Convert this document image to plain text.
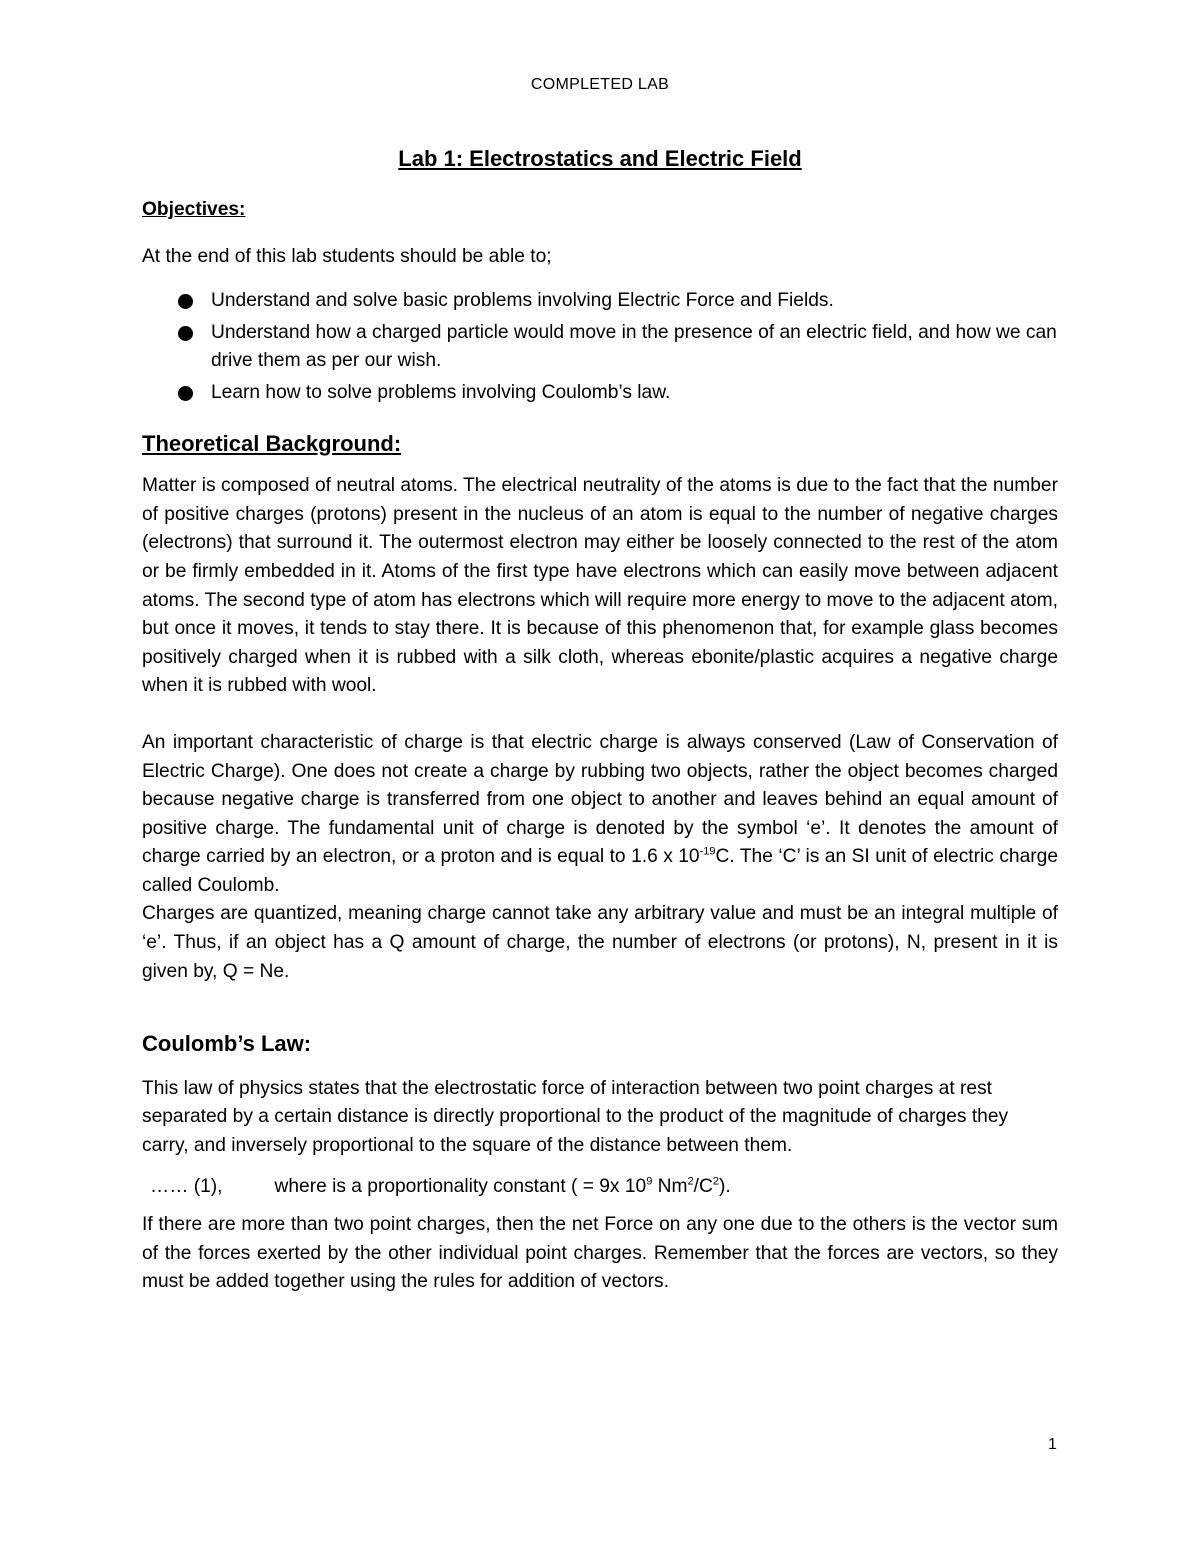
COMPLETED LAB
Lab 1: Electrostatics and Electric Field

Objectives:

At the end of this lab students should be able to;

Understand and solve basic problems involving Electric Force and Fields.
Understand how a charged particle would move in the presence of an electric field, and how we can drive them as per our wish.
Learn how to solve problems involving Coulomb’s law.
Theoretical Background:

Matter is composed of neutral atoms. The electrical neutrality of the atoms is due to the fact that the number of positive charges (protons) present in the nucleus of an atom is equal to the number of negative charges (electrons) that surround it. The outermost electron may either be loosely connected to the rest of the atom or be firmly embedded in it. Atoms of the first type have electrons which can easily move between adjacent atoms. The second type of atom has electrons which will require more energy to move to the adjacent atom, but once it moves, it tends to stay there. It is because of this phenomenon that, for example glass becomes positively charged when it is rubbed with a silk cloth, whereas ebonite/plastic acquires a negative charge when it is rubbed with wool.

An important characteristic of charge is that electric charge is always conserved (Law of Conservation of Electric Charge). One does not create a charge by rubbing two objects, rather the object becomes charged because negative charge is transferred from one object to another and leaves behind an equal amount of positive charge. The fundamental unit of charge is denoted by the symbol ‘e’. It denotes the amount of charge carried by an electron, or a proton and is equal to 1.6 x $10^{-19}C$. The ‘C’ is an SI unit of electric charge called Coulomb.

Charges are quantized, meaning charge cannot take any arbitrary value and must be an integral multiple of ‘e’. Thus, if an object has a Q amount of charge, the number of electrons (or protons), N, present in it is given by, Q = Ne.

Coulomb’s Law:

This law of physics states that the electrostatic force of interaction between two point charges at rest separated by a certain distance is directly proportional to the product of the magnitude of charges they carry, and inversely proportional to the square of the distance between them.

…… (1),	where is a proportionality constant ( = 9x $10^9$ $Nm^2/C^2$).

If there are more than two point charges, then the net Force on any one due to the others is the vector sum of the forces exerted by the other individual point charges. Remember that the forces are vectors, so they must be added together using the rules for addition of vectors.

1
